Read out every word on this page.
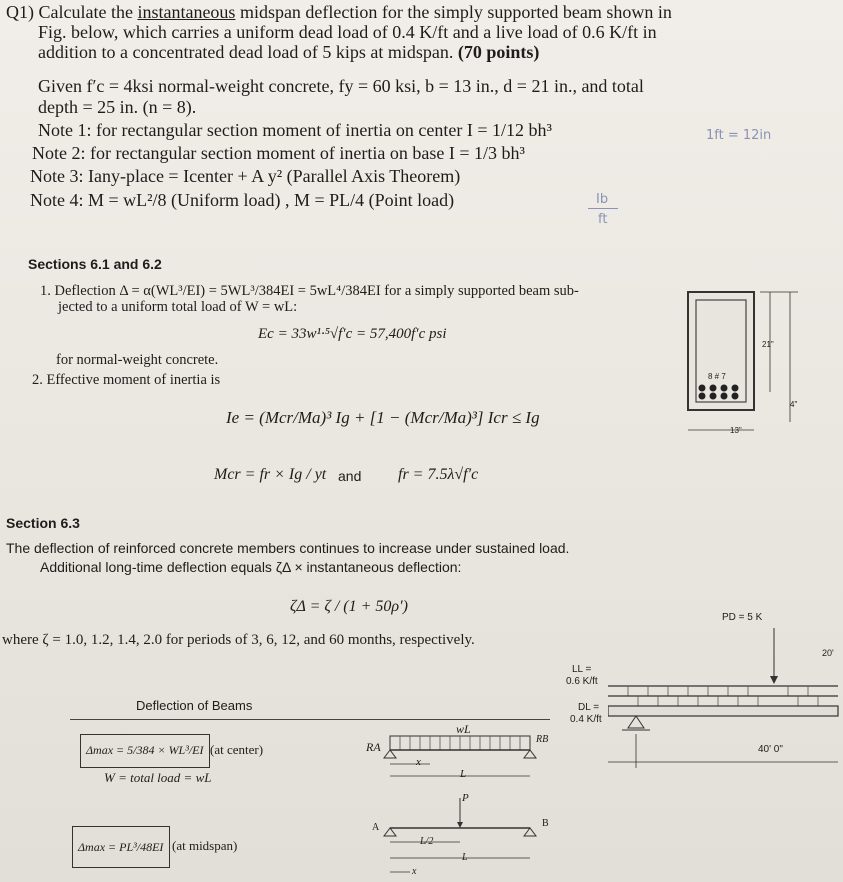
Q1) Calculate the instantaneous midspan deflection for the simply supported beam shown in
Fig. below, which carries a uniform dead load of 0.4 K/ft and a live load of 0.6 K/ft in
addition to a concentrated dead load of 5 kips at midspan. (70 points)
Given f′c = 4ksi normal-weight concrete, fy = 60 ksi, b = 13 in., d = 21 in., and total
depth = 25 in. (n = 8).
Note 1: for rectangular section moment of inertia on center I = 1/12 bh³
Note 2: for rectangular section moment of inertia on base I = 1/3 bh³
Note 3: Iany-place = Icenter + A y² (Parallel Axis Theorem)
Note 4: M = wL²/8 (Uniform load) , M = PL/4 (Point load)
1ft = 12in
Ib
ft
Sections 6.1 and 6.2
1. Deflection Δ = α(WL³/EI) = 5WL³/384EI = 5wL⁴/384EI for a simply supported beam sub-
jected to a uniform total load of W = wL:
Ec = 33w¹·⁵√f′c = 57,400f′c psi
for normal-weight concrete.
2. Effective moment of inertia is
Ie = (Mcr/Ma)³ Ig + [1 − (Mcr/Ma)³] Icr ≤ Ig
Mcr = fr × Ig / yt and fr = 7.5λ√f′c
Section 6.3
The deflection of reinforced concrete members continues to increase under sustained load.
Additional long-time deflection equals ζΔ × instantaneous deflection:
ζΔ = ζ / (1 + 50ρ′)
where ζ = 1.0, 1.2, 1.4, 2.0 for periods of 3, 6, 12, and 60 months, respectively.
Deflection of Beams
Δmax = 5/384 × WL³/EI (at center)
W = total load = wL
Δmax = PL³/48EI (at midspan)
wL
RA
RB
x
L
P
A	B
L/2
L
x
21"
8 # 7
4"
13"
PD = 5 K
20'
LL =
0.6 K/ft
DL =
0.4 K/ft
40' 0"
